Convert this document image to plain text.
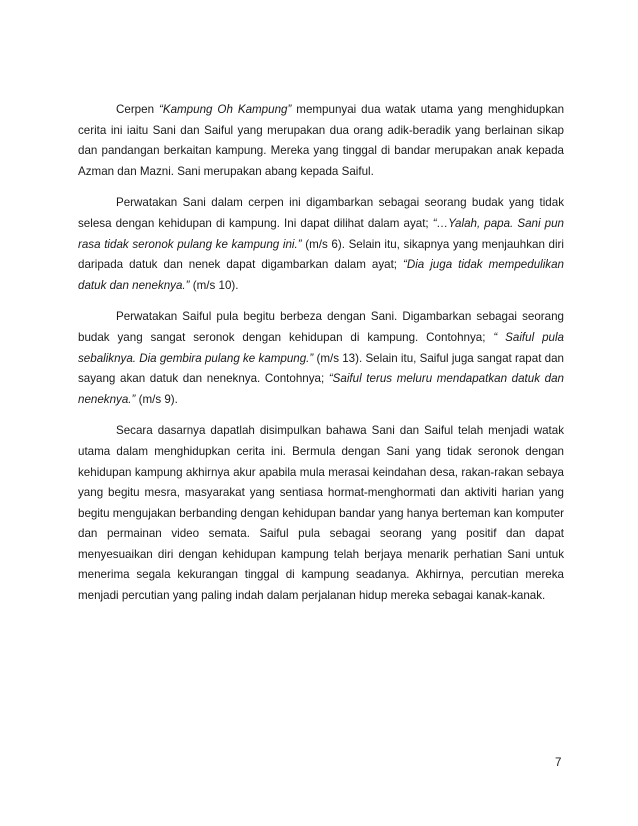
Cerpen “Kampung Oh Kampung” mempunyai dua watak utama yang menghidupkan cerita ini iaitu Sani dan Saiful yang merupakan dua orang adik-beradik yang berlainan sikap dan pandangan berkaitan kampung. Mereka yang tinggal di bandar merupakan anak kepada Azman dan Mazni. Sani merupakan abang kepada Saiful.

Perwatakan Sani dalam cerpen ini digambarkan sebagai seorang budak yang tidak selesa dengan kehidupan di kampung. Ini dapat dilihat dalam ayat; “…Yalah, papa. Sani pun rasa tidak seronok pulang ke kampung ini.” (m/s 6). Selain itu, sikapnya yang menjauhkan diri daripada datuk dan nenek dapat digambarkan dalam ayat; “Dia juga tidak mempedulikan datuk dan neneknya.” (m/s 10).

Perwatakan Saiful pula begitu berbeza dengan Sani. Digambarkan sebagai seorang budak yang sangat seronok dengan kehidupan di kampung. Contohnya; “ Saiful pula sebaliknya. Dia gembira pulang ke kampung.” (m/s 13). Selain itu, Saiful juga sangat rapat dan sayang akan datuk dan neneknya. Contohnya; “Saiful terus meluru mendapatkan datuk dan neneknya.” (m/s 9).

Secara dasarnya dapatlah disimpulkan bahawa Sani dan Saiful telah menjadi watak utama dalam menghidupkan cerita ini. Bermula dengan Sani yang tidak seronok dengan kehidupan kampung akhirnya akur apabila mula merasai keindahan desa, rakan-rakan sebaya yang begitu mesra, masyarakat yang sentiasa hormat-menghormati dan aktiviti harian yang begitu mengujakan berbanding dengan kehidupan bandar yang hanya berteman kan komputer dan permainan video semata. Saiful pula sebagai seorang yang positif dan dapat menyesuaikan diri dengan kehidupan kampung telah berjaya menarik perhatian Sani untuk menerima segala kekurangan tinggal di kampung seadanya. Akhirnya, percutian mereka menjadi percutian yang paling indah dalam perjalanan hidup mereka sebagai kanak-kanak.

7
